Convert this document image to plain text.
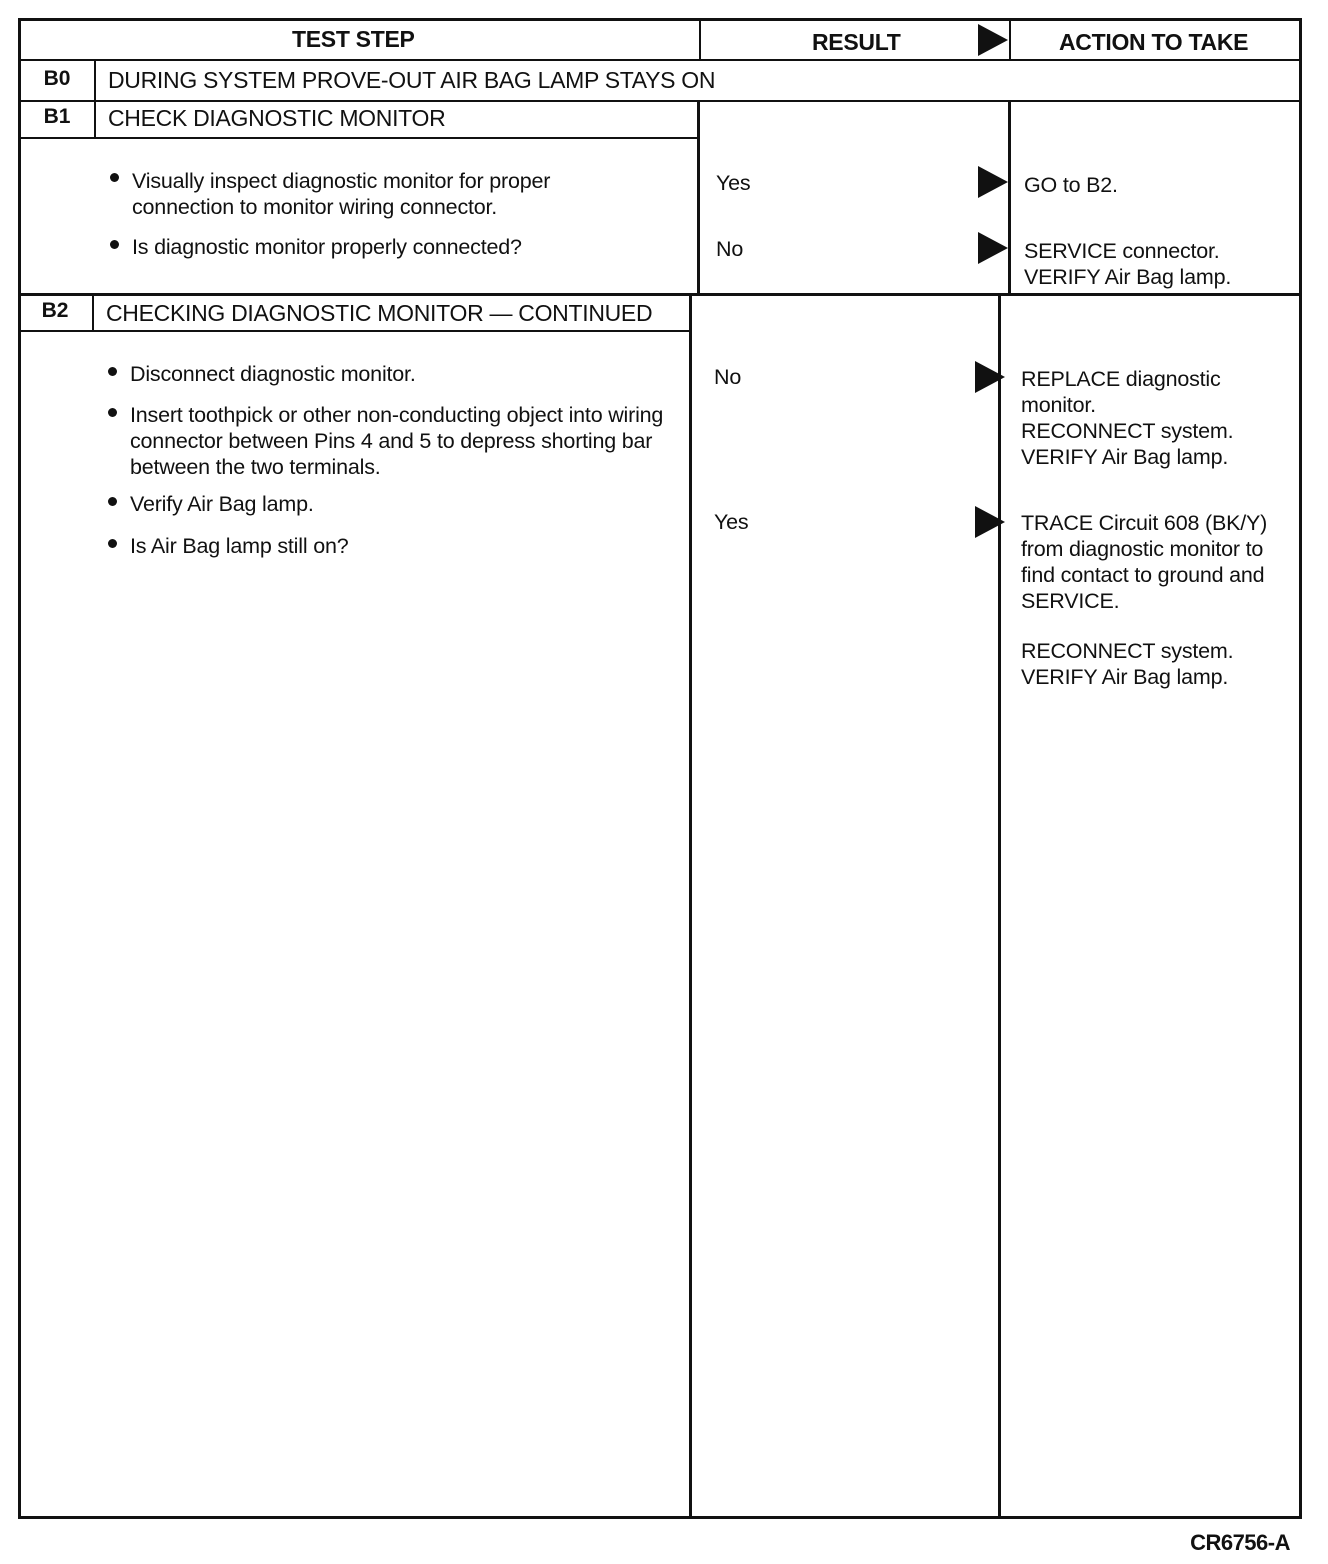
TEST STEP	RESULT	ACTION TO TAKE
B0	DURING SYSTEM PROVE-OUT AIR BAG LAMP STAYS ON
B1	CHECK DIAGNOSTIC MONITOR
Visually inspect diagnostic monitor for proper connection to monitor wiring connector.
Is diagnostic monitor properly connected?
Yes	GO to B2.
No	SERVICE connector.
VERIFY Air Bag lamp.
B2	CHECKING DIAGNOSTIC MONITOR — CONTINUED
Disconnect diagnostic monitor.
Insert toothpick or other non-conducting object into wiring connector between Pins 4 and 5 to depress shorting bar between the two terminals.
Verify Air Bag lamp.
Is Air Bag lamp still on?
No	REPLACE diagnostic monitor.
RECONNECT system.
VERIFY Air Bag lamp.
Yes	TRACE Circuit 608 (BK/Y) from diagnostic monitor to find contact to ground and SERVICE.
RECONNECT system. VERIFY Air Bag lamp.
CR6756-A
